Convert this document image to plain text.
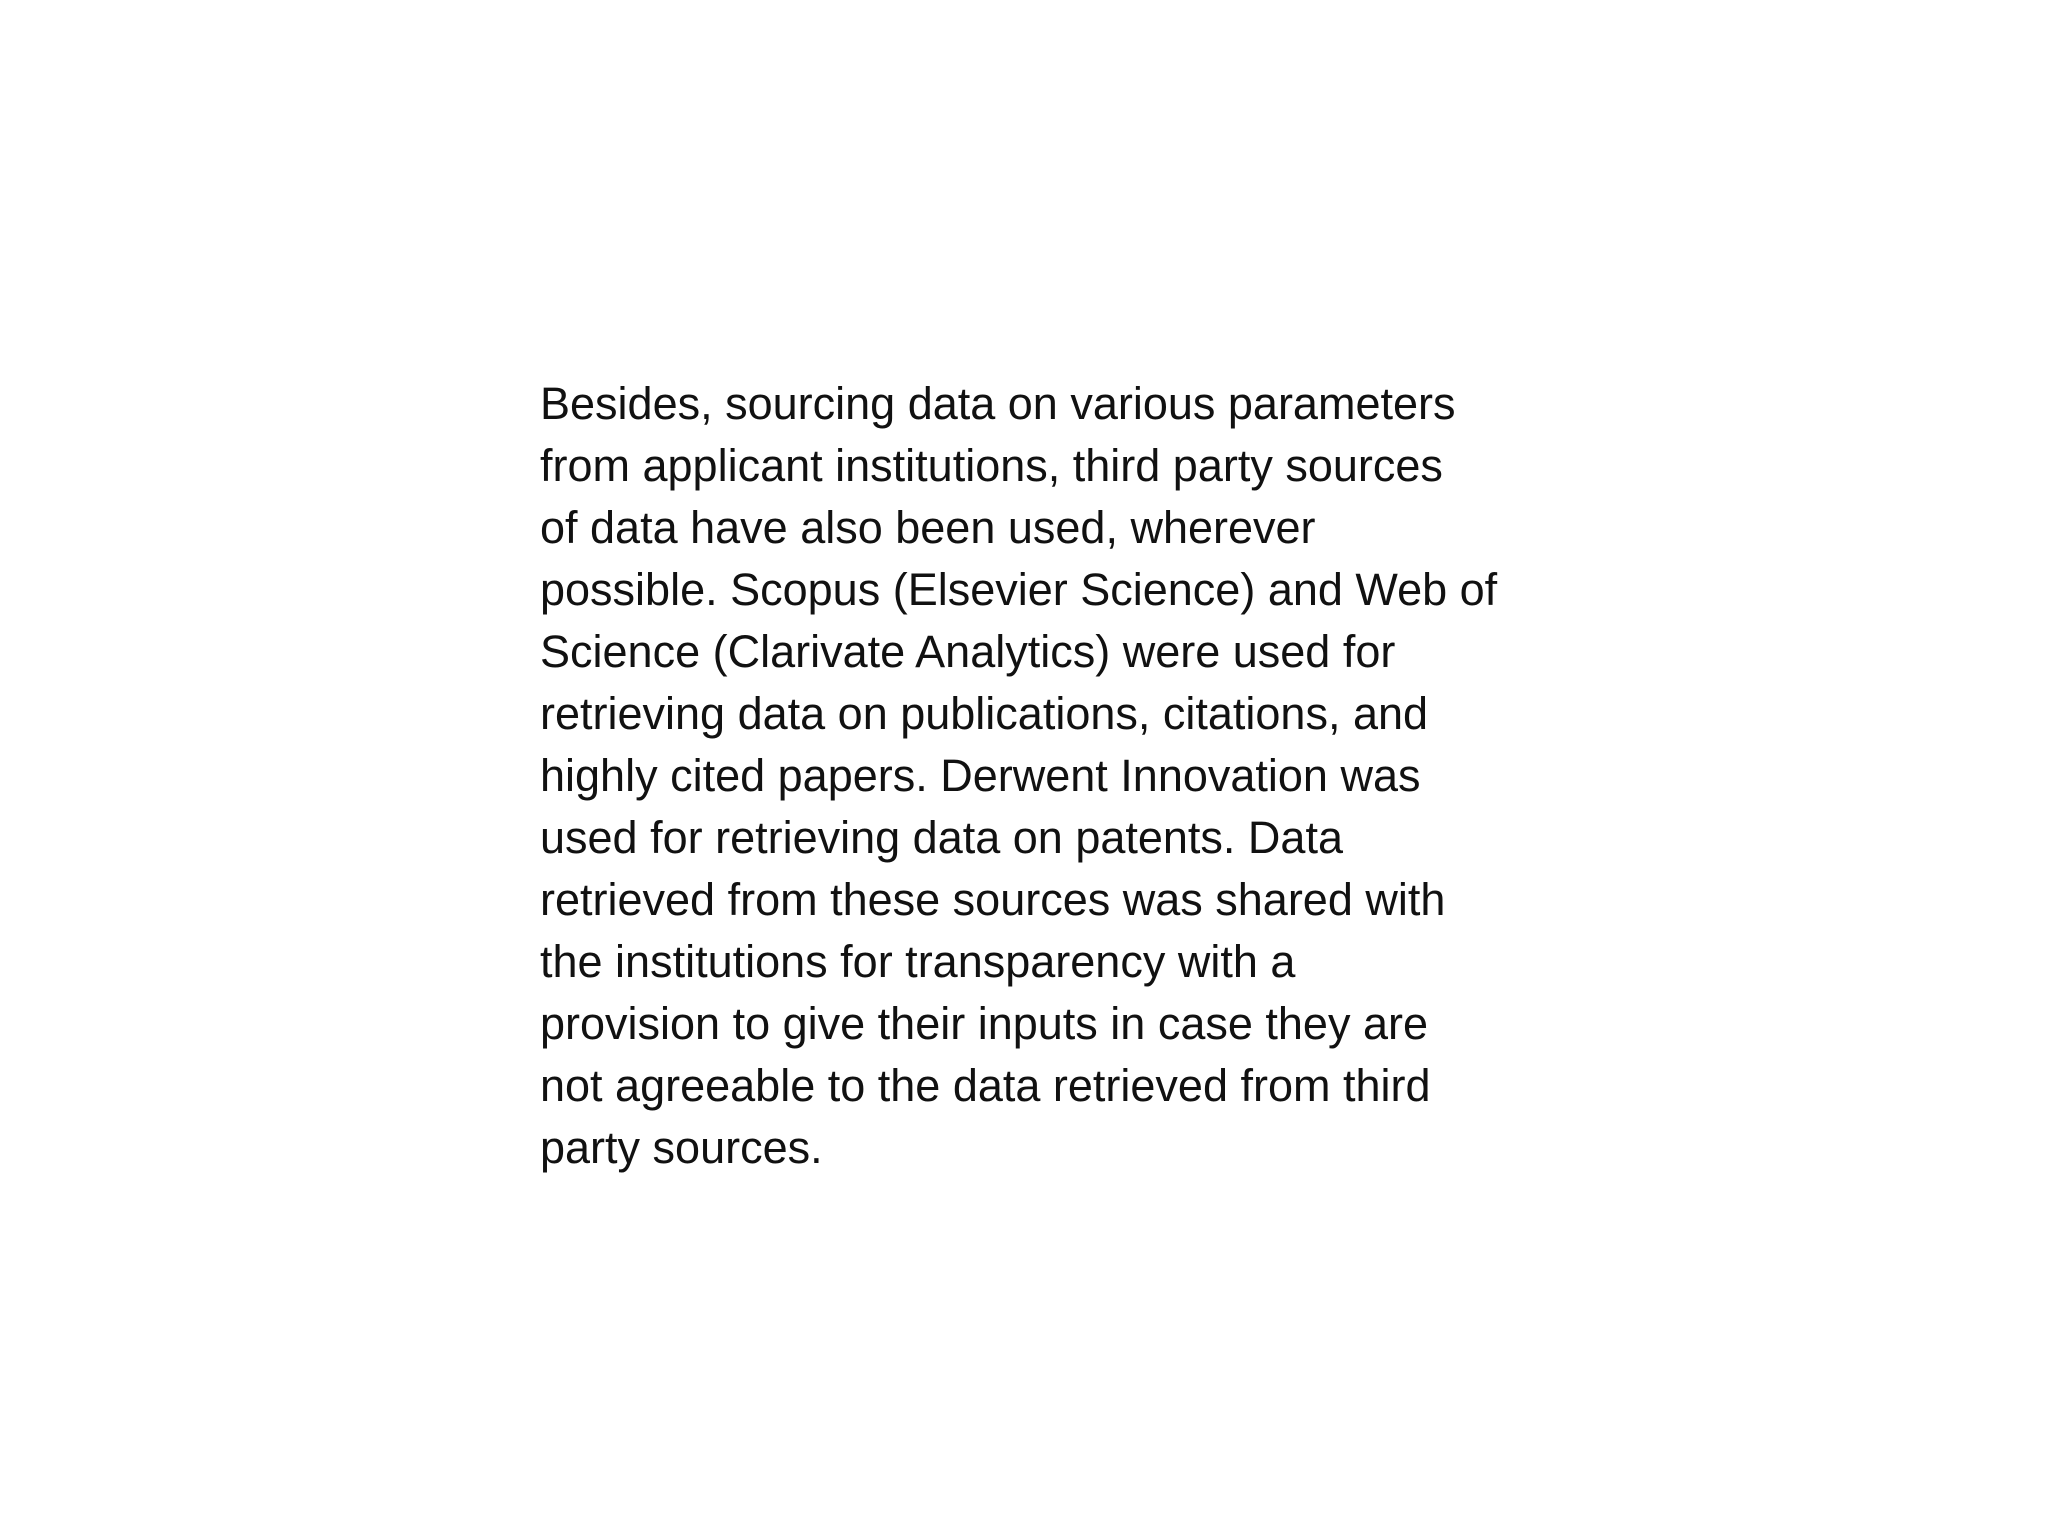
Besides, sourcing data on various parameters
from applicant institutions, third party sources
of data have also been used, wherever
possible. Scopus (Elsevier Science) and Web of
Science (Clarivate Analytics) were used for
retrieving data on publications, citations, and
highly cited papers. Derwent Innovation was
used for retrieving data on patents. Data
retrieved from these sources was shared with
the institutions for transparency with a
provision to give their inputs in case they are
not agreeable to the data retrieved from third
party sources.
